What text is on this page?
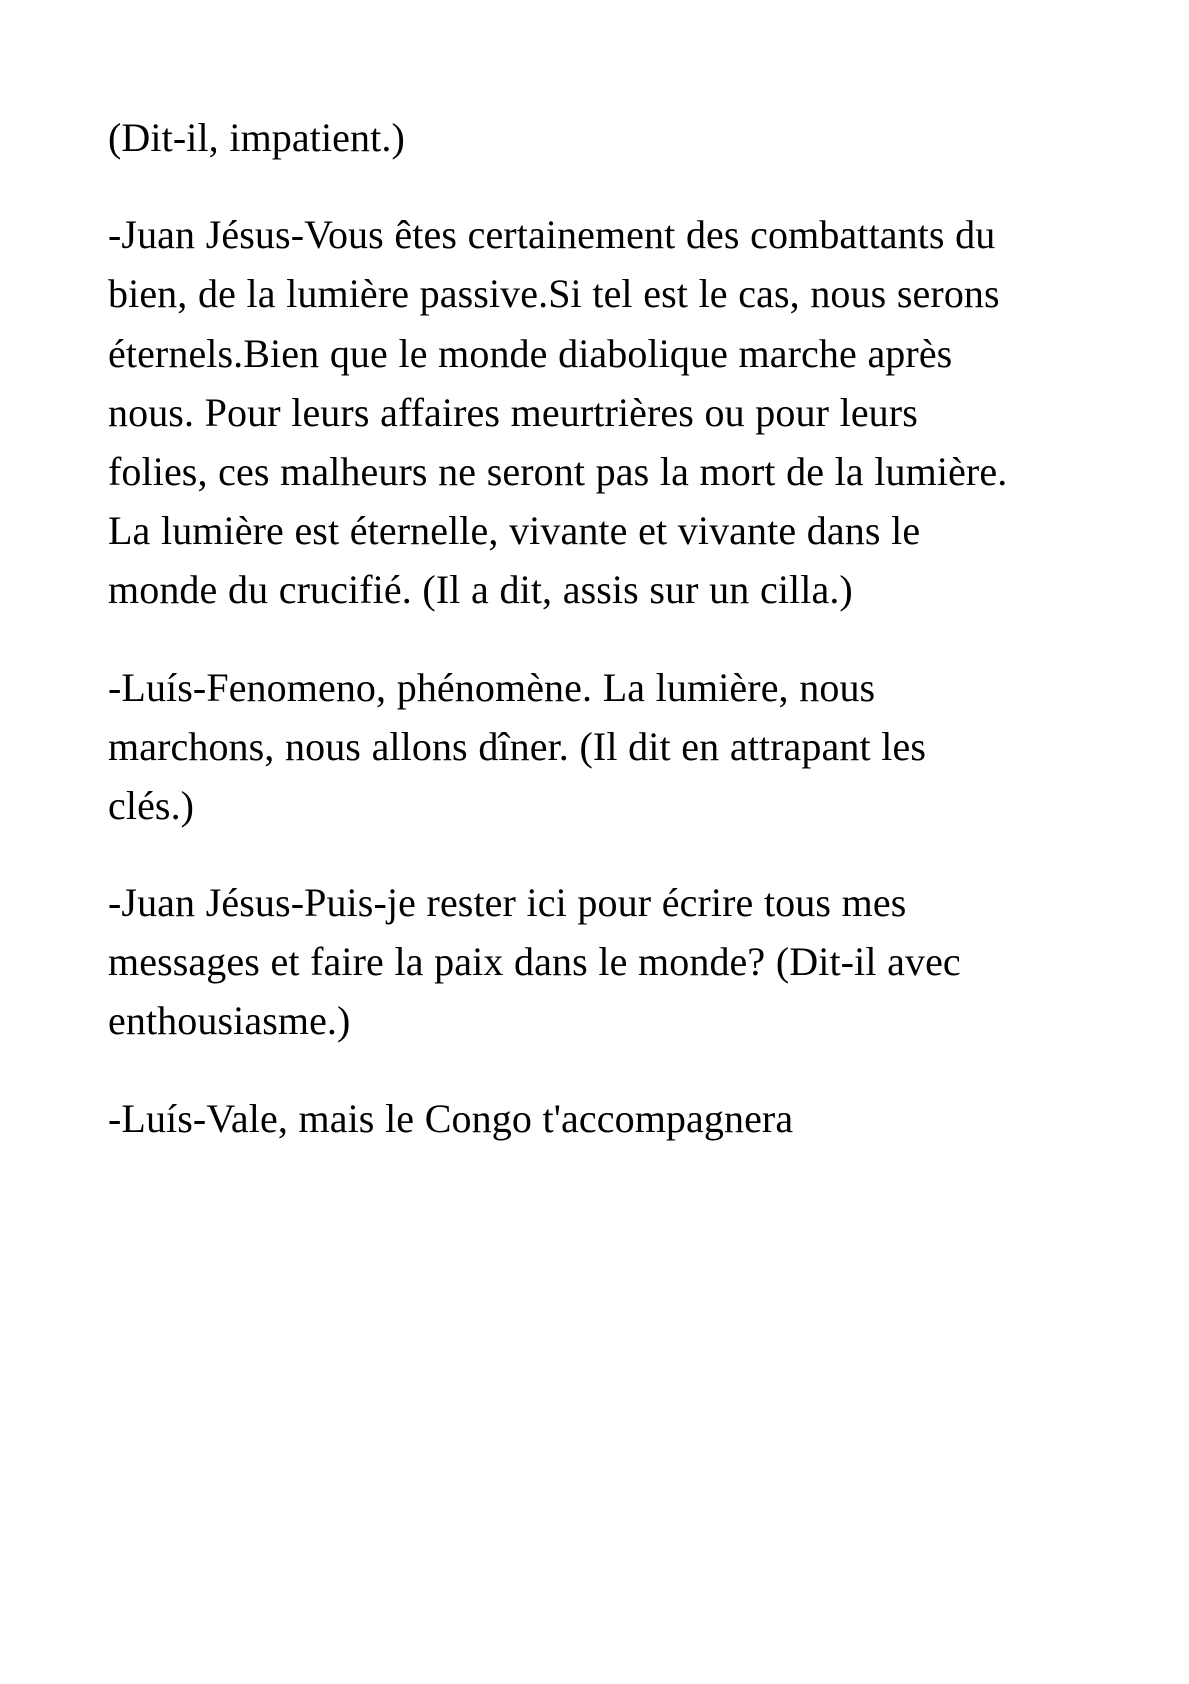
(Dit-il, impatient.)

-Juan Jésus-Vous êtes certainement des combattants du bien, de la lumière passive.Si tel est le cas, nous serons éternels.Bien que le monde diabolique marche après nous. Pour leurs affaires meurtrières ou pour leurs folies, ces malheurs ne seront pas la mort de la lumière. La lumière est éternelle, vivante et vivante dans le monde du crucifié. (Il a dit, assis sur un cilla.)

-Luís-Fenomeno, phénomène. La lumière, nous marchons, nous allons dîner. (Il dit en attrapant les clés.)

-Juan Jésus-Puis-je rester ici pour écrire tous mes messages et faire la paix dans le monde? (Dit-il avec enthousiasme.)

-Luís-Vale, mais le Congo t'accompagnera
